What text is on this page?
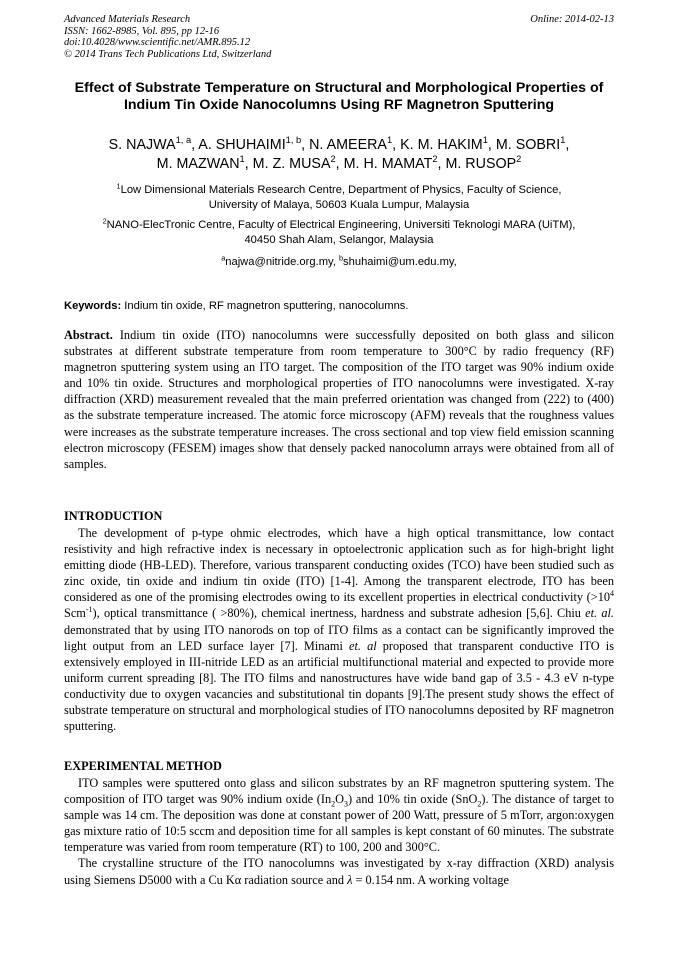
Advanced Materials Research
ISSN: 1662-8985, Vol. 895, pp 12-16
doi:10.4028/www.scientific.net/AMR.895.12
© 2014 Trans Tech Publications Ltd, Switzerland
Online: 2014-02-13
Effect of Substrate Temperature on Structural and Morphological Properties of Indium Tin Oxide Nanocolumns Using RF Magnetron Sputtering
S. NAJWA$^{1, a}$, A. SHUHAIMI$^{1, b}$, N. AMEERA$^1$, K. M. HAKIM$^1$, M. SOBRI$^1$,
M. MAZWAN$^1$, M. Z. MUSA$^2$, M. H. MAMAT$^2$, M. RUSOP$^2$
$^1$Low Dimensional Materials Research Centre, Department of Physics, Faculty of Science,
University of Malaya, 50603 Kuala Lumpur, Malaysia
$^2$NANO-ElecTronic Centre, Faculty of Electrical Engineering, Universiti Teknologi MARA (UiTM),
40450 Shah Alam, Selangor, Malaysia
$^a$najwa@nitride.org.my, $^b$shuhaimi@um.edu.my,
Keywords: Indium tin oxide, RF magnetron sputtering, nanocolumns.
Abstract. Indium tin oxide (ITO) nanocolumns were successfully deposited on both glass and silicon substrates at different substrate temperature from room temperature to 300°C by radio frequency (RF) magnetron sputtering system using an ITO target. The composition of the ITO target was 90% indium oxide and 10% tin oxide. Structures and morphological properties of ITO nanocolumns were investigated. X-ray diffraction (XRD) measurement revealed that the main preferred orientation was changed from (222) to (400) as the substrate temperature increased. The atomic force microscopy (AFM) reveals that the roughness values were increases as the substrate temperature increases. The cross sectional and top view field emission scanning electron microscopy (FESEM) images show that densely packed nanocolumn arrays were obtained from all of samples.
INTRODUCTION

The development of p-type ohmic electrodes, which have a high optical transmittance, low contact resistivity and high refractive index is necessary in optoelectronic application such as for high-bright light emitting diode (HB-LED). Therefore, various transparent conducting oxides (TCO) have been studied such as zinc oxide, tin oxide and indium tin oxide (ITO) [1-4]. Among the transparent electrode, ITO has been considered as one of the promising electrodes owing to its excellent properties in electrical conductivity ($>10^4$ Scm$^{-1}$), optical transmittance ( >80%), chemical inertness, hardness and substrate adhesion [5,6]. Chiu et. al. demonstrated that by using ITO nanorods on top of ITO films as a contact can be significantly improved the light output from an LED surface layer [7]. Minami et. al proposed that transparent conductive ITO is extensively employed in III-nitride LED as an artificial multifunctional material and expected to provide more uniform current spreading [8]. The ITO films and nanostructures have wide band gap of 3.5 - 4.3 eV n-type conductivity due to oxygen vacancies and substitutional tin dopants [9].The present study shows the effect of substrate temperature on structural and morphological studies of ITO nanocolumns deposited by RF magnetron sputtering.

EXPERIMENTAL METHOD

ITO samples were sputtered onto glass and silicon substrates by an RF magnetron sputtering system. The composition of ITO target was 90% indium oxide $(In_2O_3)$ and 10% tin oxide (SnO$_2$). The distance of target to sample was 14 cm. The deposition was done at constant power of 200 Watt, pressure of 5 mTorr, argon:oxygen gas mixture ratio of 10:5 sccm and deposition time for all samples is kept constant of 60 minutes. The substrate temperature was varied from room temperature (RT) to 100, 200 and 300°C.

The crystalline structure of the ITO nanocolumns was investigated by x-ray diffraction (XRD) analysis using Siemens D5000 with a Cu Kα radiation source and λ = 0.154 nm. A working voltage
